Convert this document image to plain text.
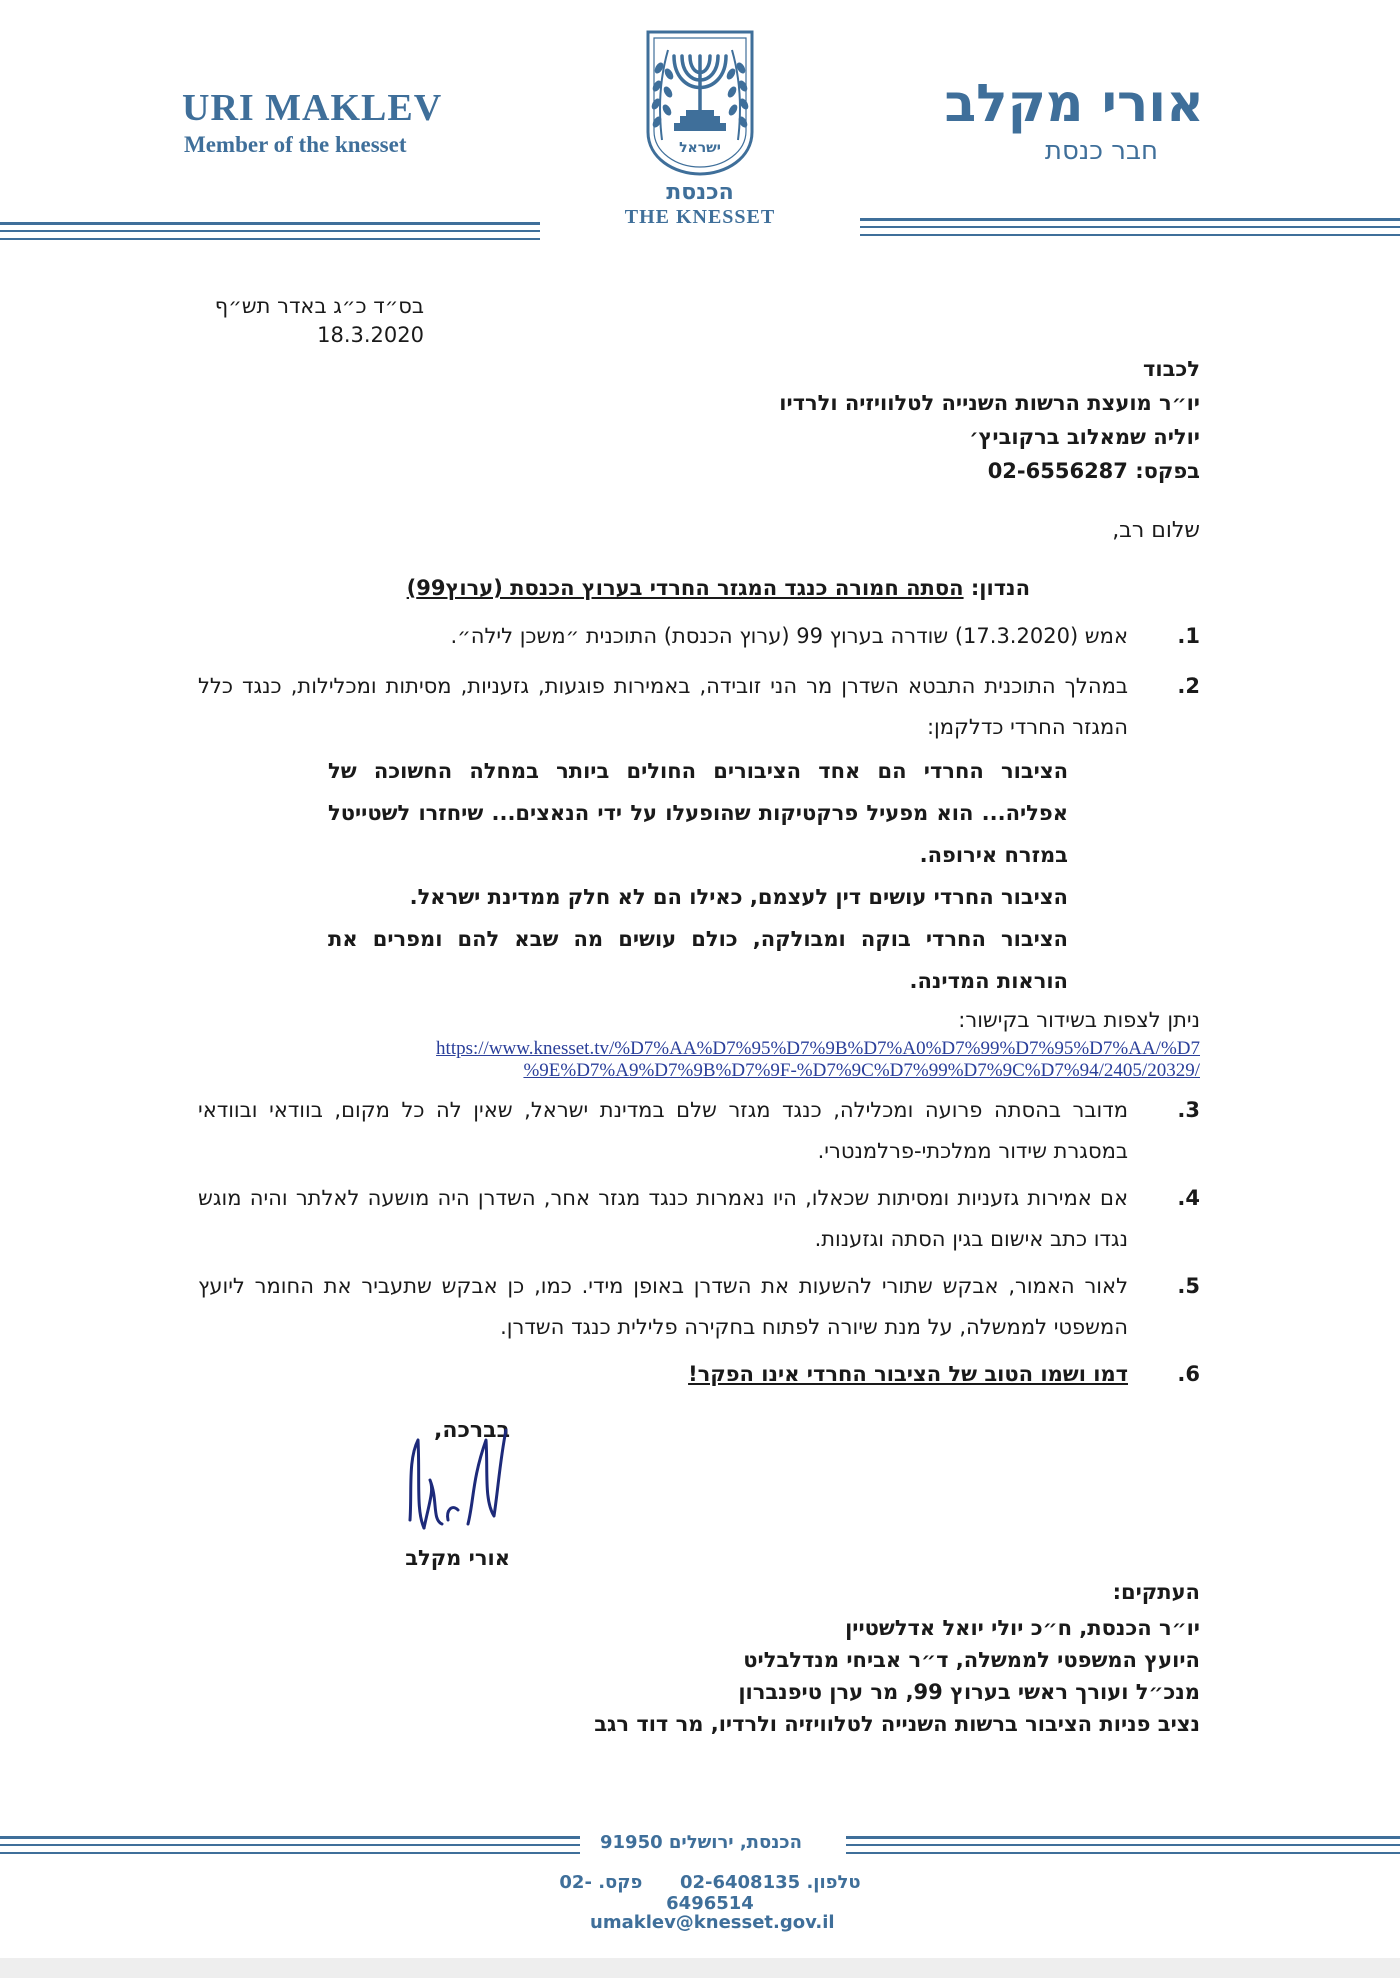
URI MAKLEV
Member of the knesset
אורי מקלב
חבר כנסת
ישראל
הכנסת
THE KNESSET
בס״ד כ״ג באדר תש״ף
18.3.2020
לכבוד
יו״ר מועצת הרשות השנייה לטלוויזיה ולרדיו
יוליה שמאלוב ברקוביץ׳
בפקס: 02-6556287
שלום רב,
הנדון: הסתה חמורה כנגד המגזר החרדי בערוץ הכנסת (ערוץ99)
1.
אמש (17.3.2020) שודרה בערוץ 99 (ערוץ הכנסת) התוכנית ״משכן לילה״.
2.
במהלך התוכנית התבטא השדרן מר הני זובידה, באמירות פוגעות, גזעניות, מסיתות ומכלילות, כנגד כלל המגזר החרדי כדלקמן:
הציבור החרדי הם אחד הציבורים החולים ביותר במחלה החשוכה של אפליה... הוא מפעיל פרקטיקות שהופעלו על ידי הנאצים... שיחזרו לשטייטל במזרח אירופה.
הציבור החרדי עושים דין לעצמם, כאילו הם לא חלק ממדינת ישראל.
הציבור החרדי בוקה ומבולקה, כולם עושים מה שבא להם ומפרים את הוראות המדינה.
ניתן לצפות בשידור בקישור:
https://www.knesset.tv/%D7%AA%D7%95%D7%9B%D7%A0%D7%99%D7%95%D7%AA/%D7
%9E%D7%A9%D7%9B%D7%9F-%D7%9C%D7%99%D7%9C%D7%94/2405/20329/
3.
מדובר בהסתה פרועה ומכלילה, כנגד מגזר שלם במדינת ישראל, שאין לה כל מקום, בוודאי ובוודאי במסגרת שידור ממלכתי-פרלמנטרי.
4.
אם אמירות גזעניות ומסיתות שכאלו, היו נאמרות כנגד מגזר אחר, השדרן היה מושעה לאלתר והיה מוגש נגדו כתב אישום בגין הסתה וגזענות.
5.
לאור האמור, אבקש שתורי להשעות את השדרן באופן מידי. כמו, כן אבקש שתעביר את החומר ליועץ המשפטי לממשלה, על מנת שיורה לפתוח בחקירה פלילית כנגד השדרן.
6.
דמו ושמו הטוב של הציבור החרדי אינו הפקר!
בברכה,
אורי מקלב
העתקים:
יו״ר הכנסת, ח״כ יולי יואל אדלשטיין
היועץ המשפטי לממשלה, ד״ר אביחי מנדלבליט
מנכ״ל ועורך ראשי בערוץ 99, מר ערן טיפנברון
נציב פניות הציבור ברשות השנייה לטלוויזיה ולרדיו, מר דוד רגב
הכנסת, ירושלים 91950
טלפון. 02-6408135      פקס. 02-6496514
umaklev@knesset.gov.il
